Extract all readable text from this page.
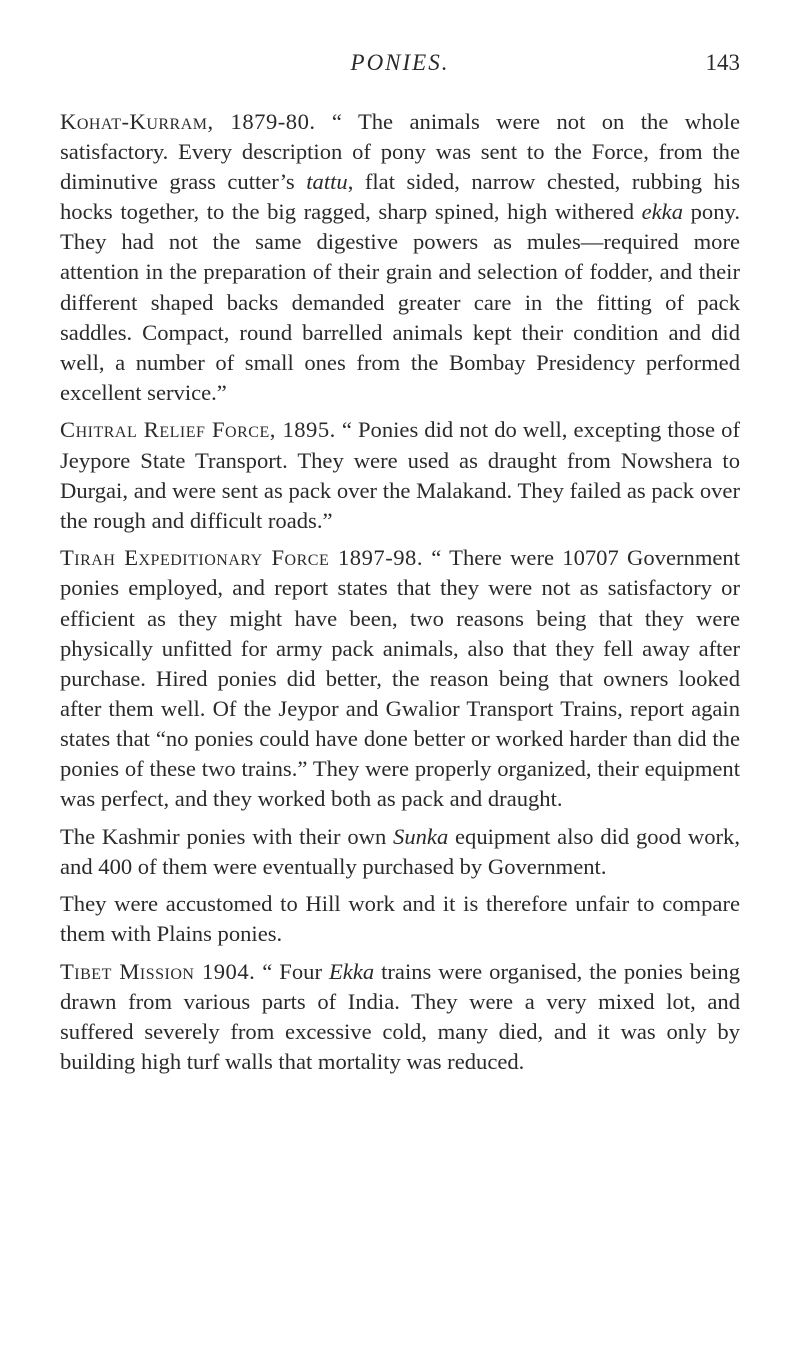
PONIES.	143

Kohat-Kurram, 1879-80. “ The animals were not on the whole satisfactory. Every description of pony was sent to the Force, from the diminutive grass cutter’s tattu, flat sided, narrow chested, rubbing his hocks together, to the big ragged, sharp spined, high withered ekka pony. They had not the same digestive powers as mules—required more attention in the preparation of their grain and selection of fodder, and their different shaped backs demanded greater care in the fitting of pack saddles. Compact, round barrelled animals kept their condition and did well, a number of small ones from the Bombay Presidency performed excellent service.”

Chitral Relief Force, 1895. “ Ponies did not do well, excepting those of Jeypore State Transport. They were used as draught from Nowshera to Durgai, and were sent as pack over the Malakand. They failed as pack over the rough and difficult roads.”

Tirah Expeditionary Force 1897-98. “ There were 10707 Government ponies employed, and report states that they were not as satisfactory or efficient as they might have been, two reasons being that they were physically unfitted for army pack animals, also that they fell away after purchase. Hired ponies did better, the reason being that owners looked after them well. Of the Jeypor and Gwalior Transport Trains, report again states that “no ponies could have done better or worked harder than did the ponies of these two trains.” They were properly organized, their equipment was perfect, and they worked both as pack and draught.

The Kashmir ponies with their own Sunka equipment also did good work, and 400 of them were eventually purchased by Government.

They were accustomed to Hill work and it is therefore unfair to compare them with Plains ponies.

Tibet Mission 1904. “ Four Ekka trains were organised, the ponies being drawn from various parts of India. They were a very mixed lot, and suffered severely from excessive cold, many died, and it was only by building high turf walls that mortality was reduced.
